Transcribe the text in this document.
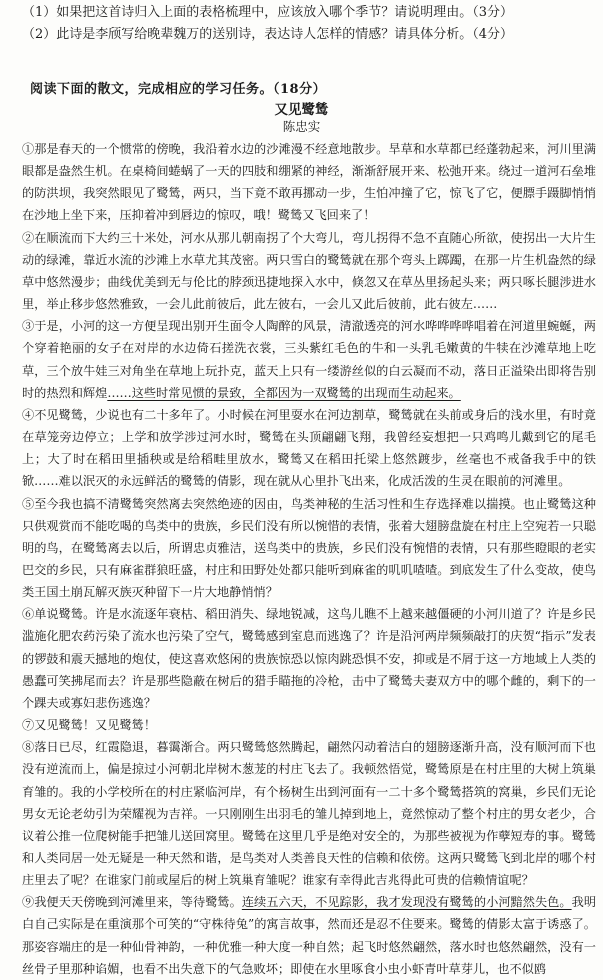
（1）如果把这首诗归入上面的表格梳理中，应该放入哪个季节？请说明理由。（3分）
（2）此诗是李颀写给晚辈魏万的送别诗，表达诗人怎样的情感？请具体分析。（4分）
阅读下面的散文，完成相应的学习任务。（18分）
又见鹭鸶
陈忠实

①那是春天的一个惯常的傍晚，我沿着水边的沙滩漫不经意地散步。旱草和水草都已经蓬勃起来，河川里满眼都是盎然生机。在桌椅间蜷蜗了一天的四肢和绷紧的神经，渐渐舒展开来、松弛开来。绕过一道河石垒堆的防洪坝，我突然眼见了鹭鸶，两只，当下竟不敢再挪动一步，生怕冲撞了它，惊飞了它，便膘手蹑脚悄悄在沙地上坐下来，压抑着冲到唇边的惊叹，哦！鹭鸶又飞回来了！

②在顺流而下大约三十米处，河水从那儿朝南拐了个大弯儿，弯儿拐得不急不直随心所欲，使拐出一大片生动的绿滩，靠近水流的沙滩上水草尤其茂密。两只雪白的鹭鸶就在那个弯头上踯躅，在那一片生机盎然的绿草中悠然漫步；曲线优美到无与伦比的脖颈迅捷地探入水中，倏忽又在草丛里扬起头来；两只啄长腿涉进水里，举止移步悠然雅致，一会儿此前彼后，此左彼右，一会儿又此后彼前，此右彼左……

③于是，小河的这一方便呈现出别开生面令人陶醉的风景，清澈透亮的河水哗哗哗哗唱着在河道里蜿蜒，两个穿着艳丽的女子在对岸的水边倚石搓洗衣裳，三头紫红毛色的牛和一头乳毛嫩黄的牛犊在沙滩草地上吃草，三个放牛娃三对角坐在草地上玩扑克，蓝天上只有一缕游丝似的白云凝而不动，落日正溢染出即将告别时的热烈和辉煌……这些时常见惯的景致，全都因为一双鹭鸶的出现而生动起来。

④不见鹭鸶，少说也有二十多年了。小时候在河里耍水在河边割草，鹭鸶就在头前或身后的浅水里，有时竟在草笼旁边停立；上学和放学涉过河水时，鹭鸶在头顶翩翩飞翔，我曾经妄想把一只鸡鸣儿戴到它的尾毛上；大了时在稻田里插秧或是给稻畦里放水，鹭鸶又在稻田托梁上悠然踱步，丝毫也不戒备我手中的铁锨……难以泯灭的永远鲜活的鹭鸶的倩影，现在就从心里扑飞出来，化成活泼的生灵在眼前的河滩里。

⑤至今我也搞不清鹭鸶突然离去突然绝迹的因由，鸟类神秘的生活习性和生存选择难以揣摸。也止鹭鸶这种只供观赏而不能吃喝的鸟类中的贵族，乡民们没有所以惋惜的表情，张着大翅膀盘旋在村庄上空宛若一只聪明的鸟，在鹭鸶离去以后，所谓忠贞雅洁，送鸟类中的贵族，乡民们没有惋惜的表情，只有那些瞪眼的老实巴交的乡民，只有麻雀群狼旺盛，村庄和田野处处都只能听到麻雀的叽叽喳喳。到底发生了什么变故，使鸟类王国土崩瓦解灭族灭种留下一片大地静悄悄？

⑥单说鹭鸶。许是水流逐年衰枯、稻田消失、绿地锐减，这鸟儿瞧不上越来越僵硬的小河川道了？许是乡民滥施化肥农药污染了流水也污染了空气，鹭鸶感到室息而逃逸了？许是沿河两岸频频敲打的庆贺“指示”发表的锣鼓和震天撼地的炮仗，使这喜欢悠闲的贵族惊恐以惊肉跳恐惧不安，抑或是不屑于这一方地域上人类的愚蠢可笑拂尾而去？许是那些隐蔽在树后的猎手瞄拖的冷枪，击中了鹭鸶夫妻双方中的哪个雌的，剩下的一个踝夫或寡妇悲伤逃逸？

⑦又见鹭鸶！又见鹭鸶！

⑧落日已尽，红霞隐退，暮霭渐合。两只鹭鸶悠然腾起，翩然闪动着洁白的翅膀逐渐升高，没有顺河而下也没有逆流而上，偏是掠过小河朝北岸树木葱茏的村庄飞去了。我顿然悟觉，鹭鸶原是在村庄里的大树上筑巢育雏的。我的小学校所在的村庄紧临河岸，有个杨树生出到河面有一二十多个鹭鸶搭筑的窝巢，乡民们无论男女无论老幼引为荣耀视为吉祥。一只刚刚生出羽毛的雏儿掉到地上，竟然惊动了整个村庄的男女老少，合议着公推一位爬树能手把雏儿送回窝里。鹭鸶在这里几乎是绝对安全的，为那些被视为作孽短寿的事。鹭鸶和人类同居一处无疑是一种天然和谐，是鸟类对人类善良天性的信赖和依傍。这两只鹭鸶飞到北岸的哪个村庄里去了呢？在谁家门前或屋后的树上筑巢育雏呢？谁家有幸得此吉兆得此可贵的信赖情谊呢？

⑨我便天天傍晚到河滩里来，等待鹭鸶。连续五六天，不见踪影，我才发现没有鹭鸶的小河黯然失色。我明白自己实际是在重演那个可笑的“守株待兔”的寓言故事，然而还是忍不住要来。鹭鸶的倩影太富于诱惑了。那姿容端庄的是一种仙骨神韵，一种优雅一种大度一种自然；起飞时悠然翩然，落水时也悠然翩然，没有一丝骨子里那种谄媚，也看不出失意下的气急败坏；即使在水里啄食小虫小虾青叶草芽儿，也不似鸥
